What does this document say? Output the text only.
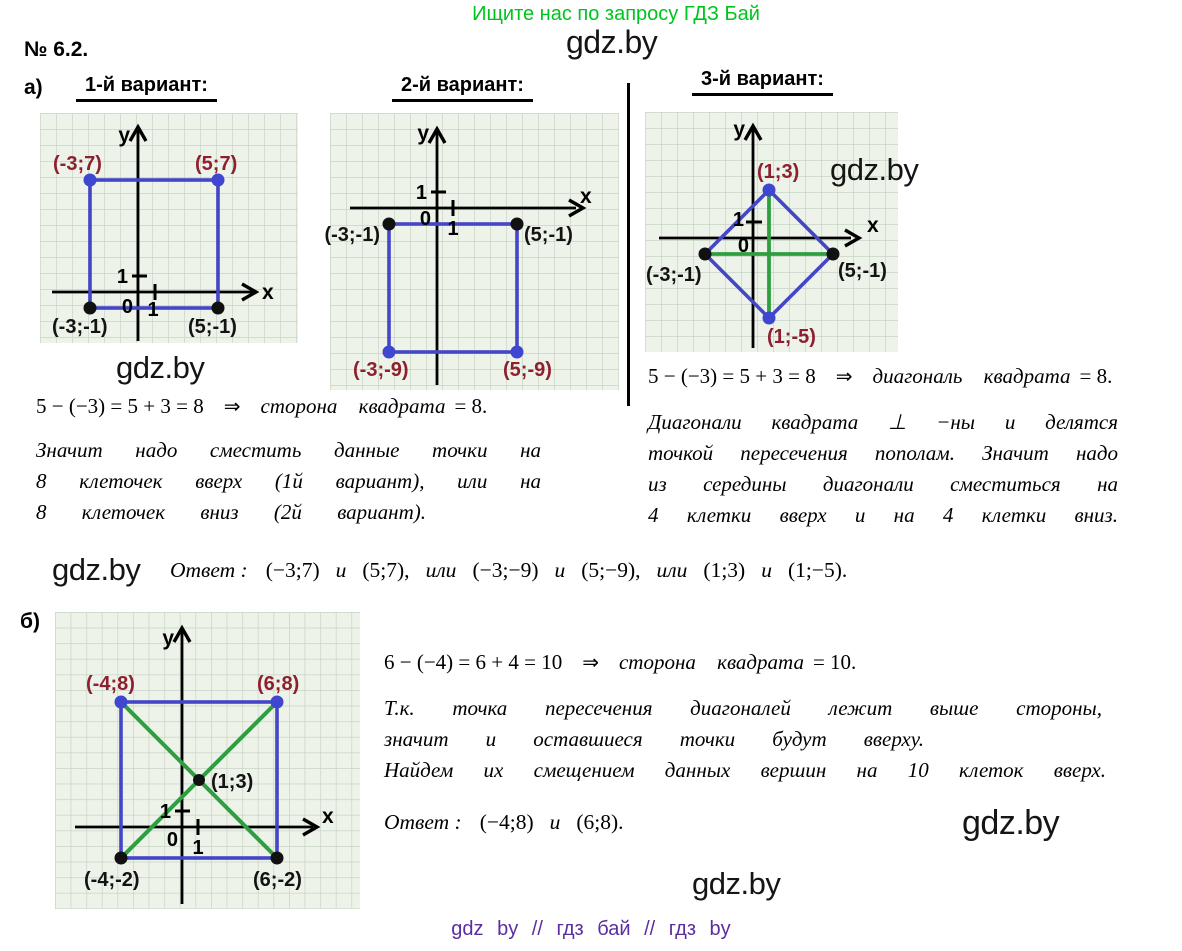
Ищите нас по запросу ГДЗ Бай
gdz.by
№ 6.2.
а)	1-й вариант:	2-й вариант:	3-й вариант:
y
x
1
0 1
(-3;7)	(5;7)
(-3;-1)	(5;-1)
gdz.by
y
x
1
0 1
(-3;-1)	(5;-1)
(-3;-9)	(5;-9)
y
x
1
0
(1;3)
(-3;-1)	(5;-1)
(1;-5)
gdz.by
5 − (−3) = 5 + 3 = 8 ⇒ сторона квадрата = 8.
Значит надо сместить данные точки на
8 клеточек вверх (1й вариант), или на
8 клеточек вниз (2й вариант).
5 − (−3) = 5 + 3 = 8 ⇒ диагональ квадрата = 8.
Диагонали квадрата ⊥ −ны и делятся
точкой пересечения пополам. Значит надо
из середины диагонали сместиться на
4 клетки вверх и на 4 клетки вниз.
gdz.by Ответ : (−3;7) и (5;7), или (−3;−9) и (5;−9), или (1;3) и (1;−5).
б)
y
x
1
0 1
(-4;8)	(6;8)
(1;3)
(-4;-2)	(6;-2)
6 − (−4) = 6 + 4 = 10 ⇒ сторона квадрата = 10.
Т.к. точка пересечения диагоналей лежит выше стороны,
значит и оставшиеся точки будут вверху.
Найдем их смещением данных вершин на 10 клеток вверх.
Ответ : (−4;8) и (6;8).	gdz.by
gdz.by
gdz by // гдз бай // гдз by
